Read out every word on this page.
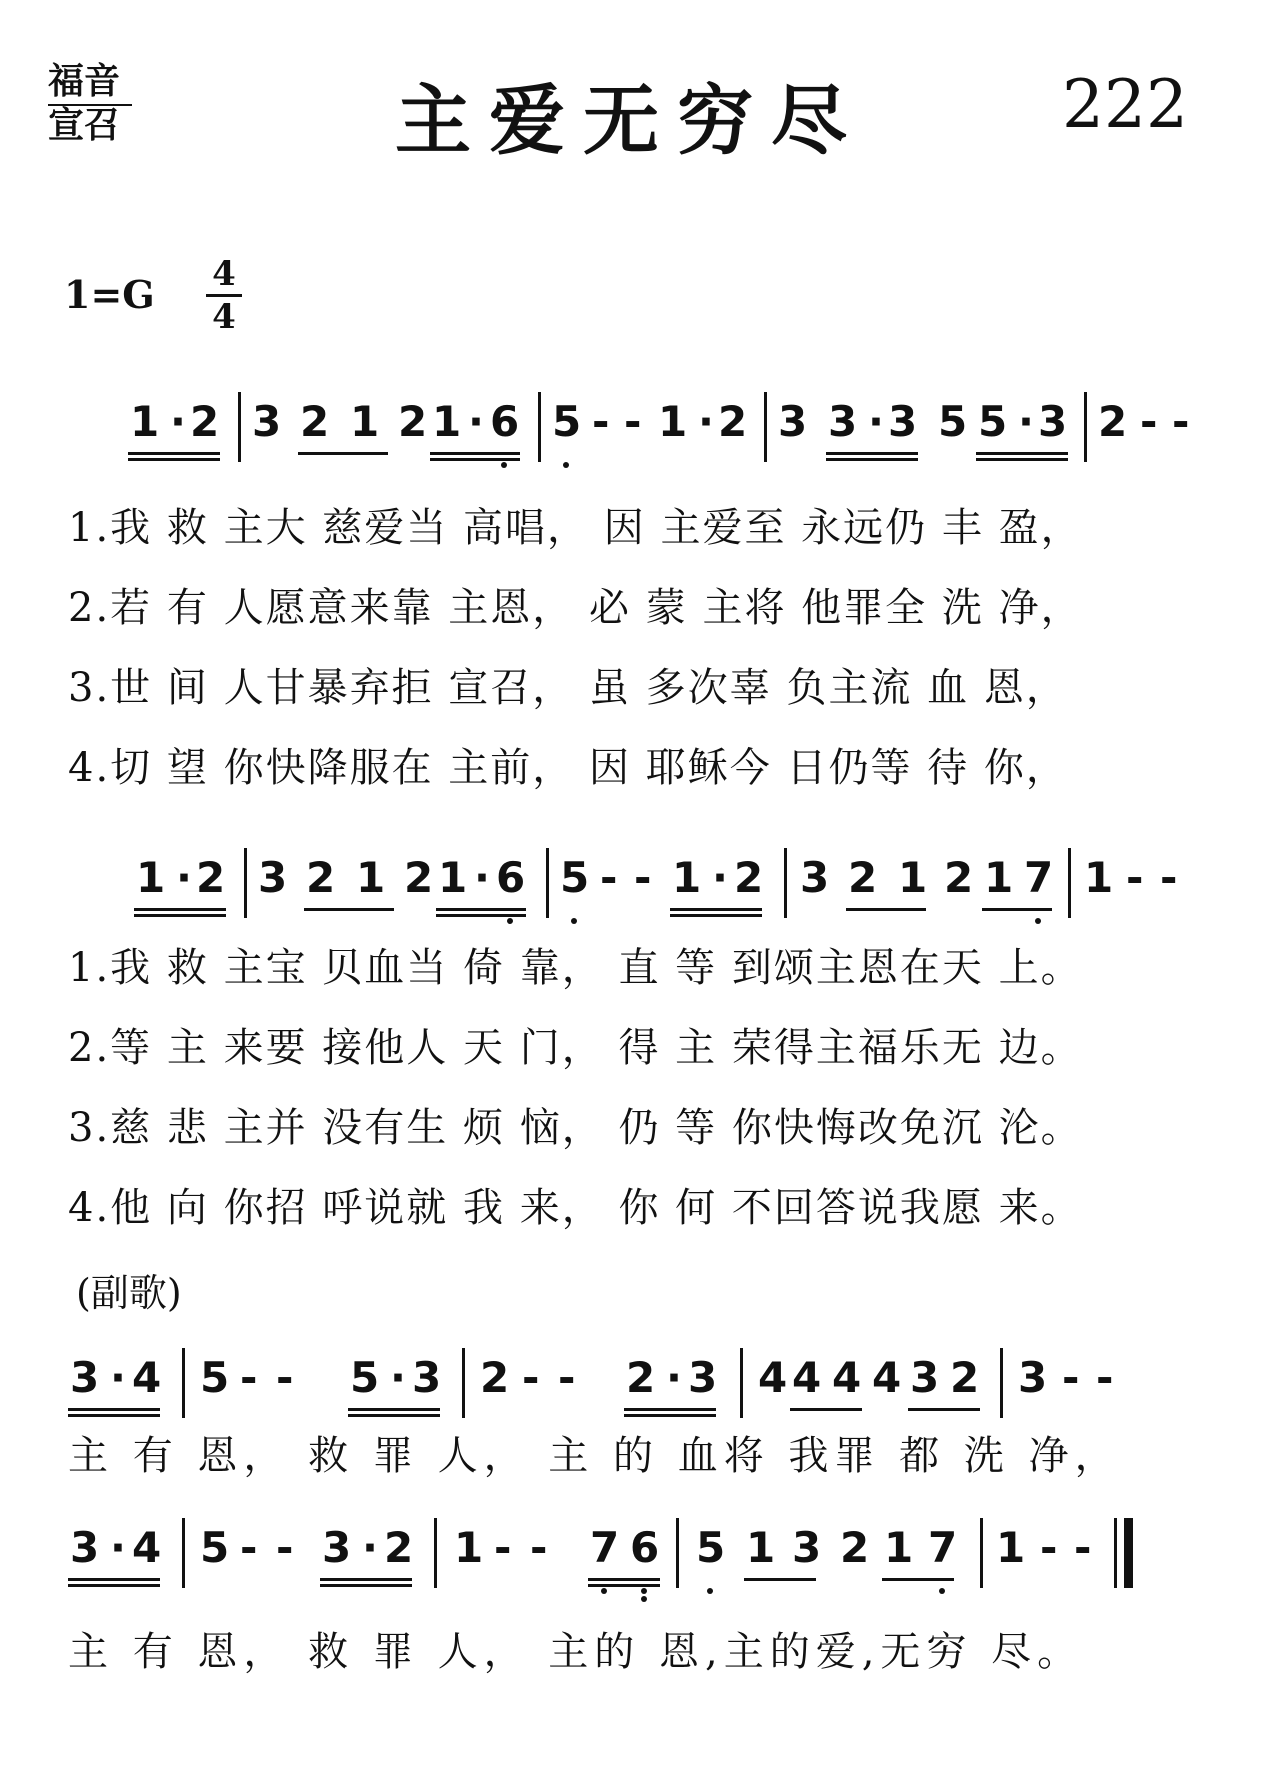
福音
宣召	主爱无穷尽	222
1=G 4
4
1 · 2 3 2 1 2 1 · 6 5 - - 1 · 2 3 3 · 3 5 5 · 3 2 - -
1.我 救 主大 慈爱当 高唱， 因 主爱至 永远仍 丰 盈，
2.若 有 人愿意来靠 主恩， 必 蒙 主将 他罪全 洗 净，
3.世 间 人甘暴弃拒 宣召， 虽 多次辜 负主流 血 恩，
4.切 望 你快降服在 主前， 因 耶稣今 日仍等 待 你，
1 · 2 3 2 1 2 1 · 6 5 - - 1 · 2 3 2 1 2 1 7 1 - -
1.我 救 主宝 贝血当 倚 靠， 直 等 到颂主恩在天 上。
2.等 主 来要 接他人 天 门， 得 主 荣得主福乐无 边。
3.慈 悲 主并 没有生 烦 恼， 仍 等 你快悔改免沉 沦。
4.他 向 你招 呼说就 我 来， 你 何 不回答说我愿 来。
(副歌)
3 · 4 5 - - 5 · 3 2 - - 2 · 3 4 4 4 4 3 2 3 - -
主 有 恩， 救 罪 人， 主 的 血将 我罪 都 洗 净，
3 · 4 5 - - 3 · 2 1 - - 7 6 5 1 3 2 1 7 1 - -
主 有 恩， 救 罪 人， 主的 恩,主的爱,无穷 尽。
